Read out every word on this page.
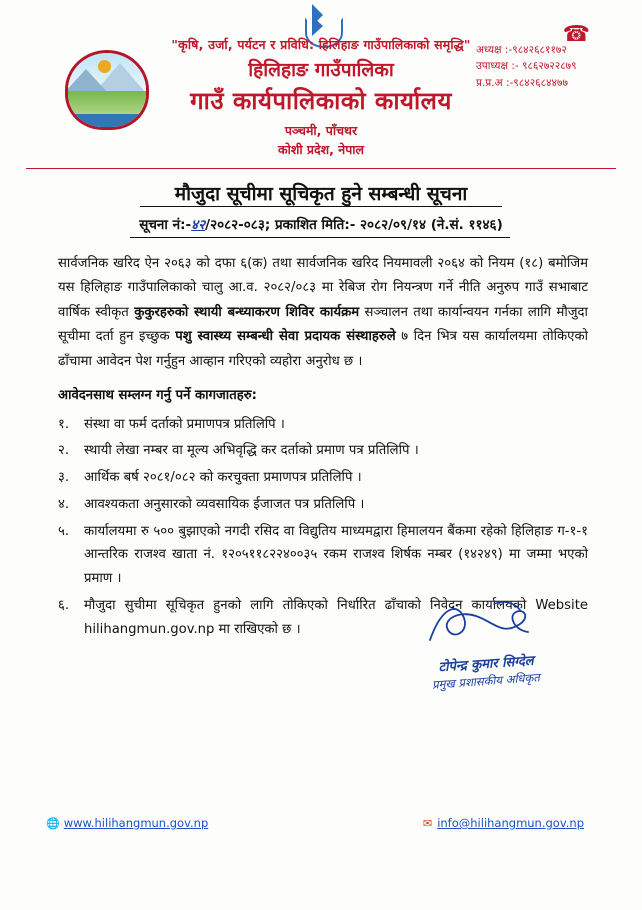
"कृषि, उर्जा, पर्यटन र प्रविधि: हिलिहाङ गाउँपालिकाको समृद्धि"
हिलिहाङ गाउँपालिका
गाउँ कार्यपालिकाको कार्यालय
पञ्चमी, पाँचथर
कोशी प्रदेश, नेपाल
☎
अध्यक्ष :-९८४२६८११७२
उपाध्यक्ष :- ९८६२७२२८७९
प्र.प्र.अ :-९८४२६८४४७७
मौजुदा सूचीमा सूचिकृत हुने सम्बन्धी सूचना
सूचना नं:-४२/२०८२-०८३; प्रकाशित मिति:- २०८२/०९/१४ (ने.सं. ११४६)

सार्वजनिक खरिद ऐन २०६३ को दफा ६(क) तथा सार्वजनिक खरिद नियमावली २०६४ को नियम (१८) बमोजिम यस हिलिहाङ गाउँपालिकाको चालु आ.व. २०८२/०८३ मा रेबिज रोग नियन्त्रण गर्ने नीति अनुरुप गाउँ सभाबाट वार्षिक स्वीकृत कुकुरहरुको स्थायी बन्ध्याकरण शिविर कार्यक्रम सञ्चालन तथा कार्यान्वयन गर्नका लागि मौजुदा सूचीमा दर्ता हुन इच्छुक पशु स्वास्थ्य सम्बन्धी सेवा प्रदायक संस्थाहरुले ७ दिन भित्र यस कार्यालयमा तोकिएको ढाँचामा आवेदन पेश गर्नुहुन आव्हान गरिएको व्यहोरा अनुरोध छ ।

आवेदनसाथ सम्लग्न गर्नु पर्ने कागजातहरु:
१.	संस्था वा फर्म दर्ताको प्रमाणपत्र प्रतिलिपि ।
२.	स्थायी लेखा नम्बर वा मूल्य अभिवृद्धि कर दर्ताको प्रमाण पत्र प्रतिलिपि ।
३.	आर्थिक बर्ष २०८१/०८२ को करचुक्ता प्रमाणपत्र प्रतिलिपि ।
४.	आवश्यकता अनुसारको व्यवसायिक ईजाजत पत्र प्रतिलिपि ।
५.	कार्यालयमा रु ५०० बुझाएको नगदी रसिद वा विद्युतिय माध्यमद्वारा हिमालयन बैंकमा रहेको हिलिहाङ ग-१-१ आन्तरिक राजश्व खाता नं. १२०५११८२२४००३५ रकम राजश्व शिर्षक नम्बर (१४२४९) मा जम्मा भएको प्रमाण ।
६.	मौजुदा सुचीमा सूचिकृत हुनको लागि तोकिएको निर्धारित ढाँचाको निवेदन कार्यालयको Website hilihangmun.gov.np मा राखिएको छ ।
टोपेन्द्र कुमार सिग्देल
प्रमुख प्रशासकीय अधिकृत
🌐 www.hilihangmun.gov.np	✉ info@hilihangmun.gov.np
